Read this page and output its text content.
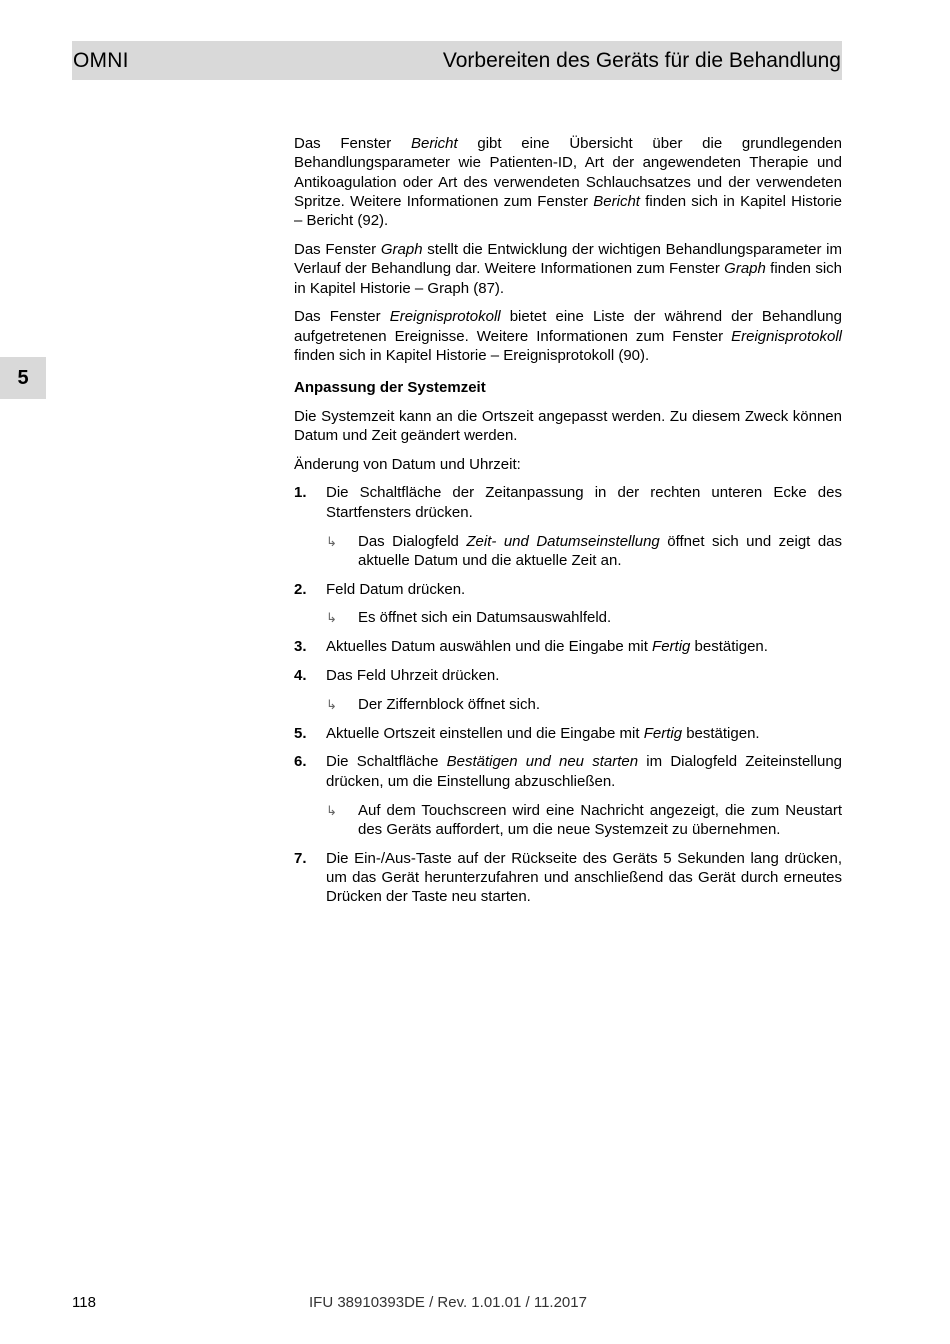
OMNI	Vorbereiten des Geräts für die Behandlung
5

Das Fenster Bericht gibt eine Übersicht über die grundlegenden Behandlungsparameter wie Patienten-ID, Art der angewendeten Therapie und Antikoagulation oder Art des verwendeten Schlauchsatzes und der verwendeten Spritze. Weitere Informationen zum Fenster Bericht finden sich in Kapitel Historie – Bericht (92).

Das Fenster Graph stellt die Entwicklung der wichtigen Behandlungsparameter im Verlauf der Behandlung dar. Weitere Informationen zum Fenster Graph finden sich in Kapitel Historie – Graph (87).

Das Fenster Ereignisprotokoll bietet eine Liste der während der Behandlung aufgetretenen Ereignisse. Weitere Informationen zum Fenster Ereignisprotokoll finden sich in Kapitel Historie – Ereignisprotokoll (90).

Anpassung der Systemzeit

Die Systemzeit kann an die Ortszeit angepasst werden. Zu diesem Zweck können Datum und Zeit geändert werden.

Änderung von Datum und Uhrzeit:

1.	Die Schaltfläche der Zeitanpassung in der rechten unteren Ecke des Startfensters drücken.
↳	Das Dialogfeld Zeit- und Datumseinstellung öffnet sich und zeigt das aktuelle Datum und die aktuelle Zeit an.
2.	Feld Datum drücken.
↳	Es öffnet sich ein Datumsauswahlfeld.
3.	Aktuelles Datum auswählen und die Eingabe mit Fertig bestätigen.
4.	Das Feld Uhrzeit drücken.
↳	Der Ziffernblock öffnet sich.
5.	Aktuelle Ortszeit einstellen und die Eingabe mit Fertig bestätigen.
6.	Die Schaltfläche Bestätigen und neu starten im Dialogfeld Zeiteinstellung drücken, um die Einstellung abzuschließen.
↳	Auf dem Touchscreen wird eine Nachricht angezeigt, die zum Neustart des Geräts auffordert, um die neue Systemzeit zu übernehmen.
7.	Die Ein-/Aus-Taste auf der Rückseite des Geräts 5 Sekunden lang drücken, um das Gerät herunterzufahren und anschließend das Gerät durch erneutes Drücken der Taste neu starten.
118	IFU 38910393DE / Rev. 1.01.01 / 11.2017
